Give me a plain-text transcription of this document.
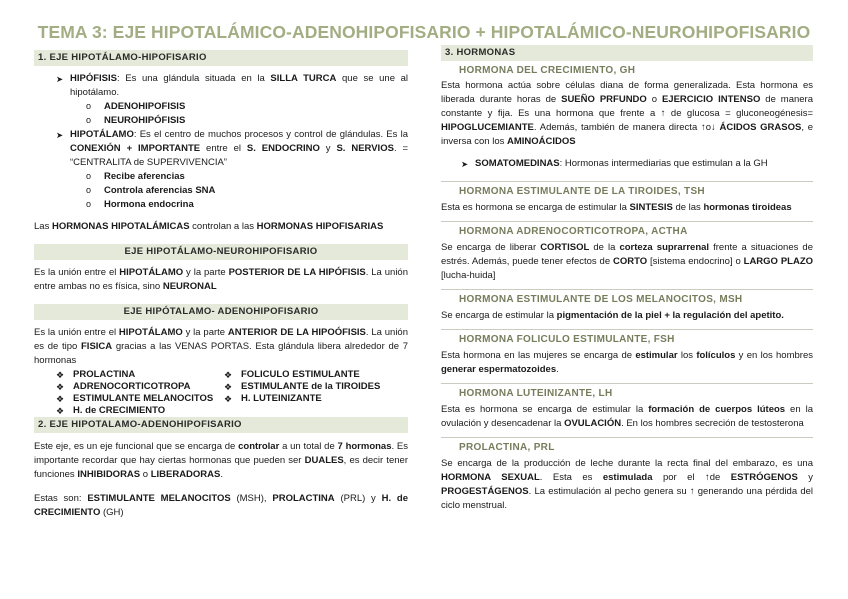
TEMA 3: EJE HIPOTALÁMICO-ADENOHIPOFISARIO + HIPOTALÁMICO-NEUROHIPOFISARIO
1. EJE HIPOTÁLAMO-HIPOFISARIO
➤ HIPÓFISIS: Es una glándula situada en la SILLA TURCA que se une al hipotálamo.
o ADENOHIPOFISIS
o NEUROHIPÓFISIS
➤ HIPOTÁLAMO: Es el centro de muchos procesos y control de glándulas. Es la CONEXIÓN + IMPORTANTE entre el S. ENDOCRINO y S. NERVIOS. = “CENTRALITA de SUPERVIVENCIA”
o Recibe aferencias
o Controla aferencias SNA
o Hormona endocrina

Las HORMONAS HIPOTALÁMICAS controlan a las HORMONAS HIPOFISARIAS

EJE HIPOTÁLAMO-NEUROHIPOFISARIO

Es la unión entre el HIPOTÁLAMO y la parte POSTERIOR DE LA HIPÓFISIS. La unión entre ambas no es física, sino NEURONAL

EJE HIPÓTALAMO- ADENOHIPOFISARIO

Es la unión entre el HIPOTÁLAMO y la parte ANTERIOR DE LA HIPOÓFISIS. La unión es de tipo FISICA gracias a las VENAS PORTAS. Esta glándula libera alrededor de 7 hormonas

❖ PROLACTINA
❖ ADRENOCORTICOTROPA
❖ ESTIMULANTE MELANOCITOS
❖ H. de CRECIMIENTO
❖ FOLICULO ESTIMULANTE
❖ ESTIMULANTE de la TIROIDES
❖ H. LUTEINIZANTE
2. EJE HIPOTALAMO-ADENOHIPOFISARIO

Este eje, es un eje funcional que se encarga de controlar a un total de 7 hormonas. Es importante recordar que hay ciertas hormonas que pueden ser DUALES, es decir tener funciones INHIBIDORAS o LIBERADORAS.

Estas son: ESTIMULANTE MELANOCITOS (MSH), PROLACTINA (PRL) y H. de CRECIMIENTO (GH)

3. HORMONAS
HORMONA DEL CRECIMIENTO, GH

Esta hormona actúa sobre células diana de forma generalizada. Esta hormona es liberada durante horas de SUEÑO PRFUNDO o EJERCICIO INTENSO de manera constante y fija. Es una hormona que frente a ↑ de glucosa = gluconeogénesis= HIPOGLUCEMIANTE. Además, también de manera directa ↑o↓ ÁCIDOS GRASOS, e inversa con los AMINOÁCIDOS

➤ SOMATOMEDINAS: Hormonas intermediarias que estimulan a la GH
HORMONA ESTIMULANTE DE LA TIROIDES, TSH

Esta es hormona se encarga de estimular la SINTESIS de las hormonas tiroideas

HORMONA ADRENOCORTICOTROPA, ACTHA

Se encarga de liberar CORTISOL de la corteza suprarrenal frente a situaciones de estrés. Además, puede tener efectos de CORTO [sistema endocrino] o LARGO PLAZO [lucha-huida]

HORMONA ESTIMULANTE DE LOS MELANOCITOS, MSH

Se encarga de estimular la pigmentación de la piel + la regulación del apetito.

HORMONA FOLICULO ESTIMULANTE, FSH

Esta hormona en las mujeres se encarga de estimular los folículos y en los hombres generar espermatozoides.

HORMONA LUTEINIZANTE, LH

Esta es hormona se encarga de estimular la formación de cuerpos lúteos en la ovulación y desencadenar la OVULACIÓN. En los hombres secreción de testosterona

PROLACTINA, PRL

Se encarga de la producción de leche durante la recta final del embarazo, es una HORMONA SEXUAL. Esta es estimulada por el ↑de ESTRÓGENOS y PROGESTÁGENOS. La estimulación al pecho genera su ↑ generando una pérdida del ciclo menstrual.
